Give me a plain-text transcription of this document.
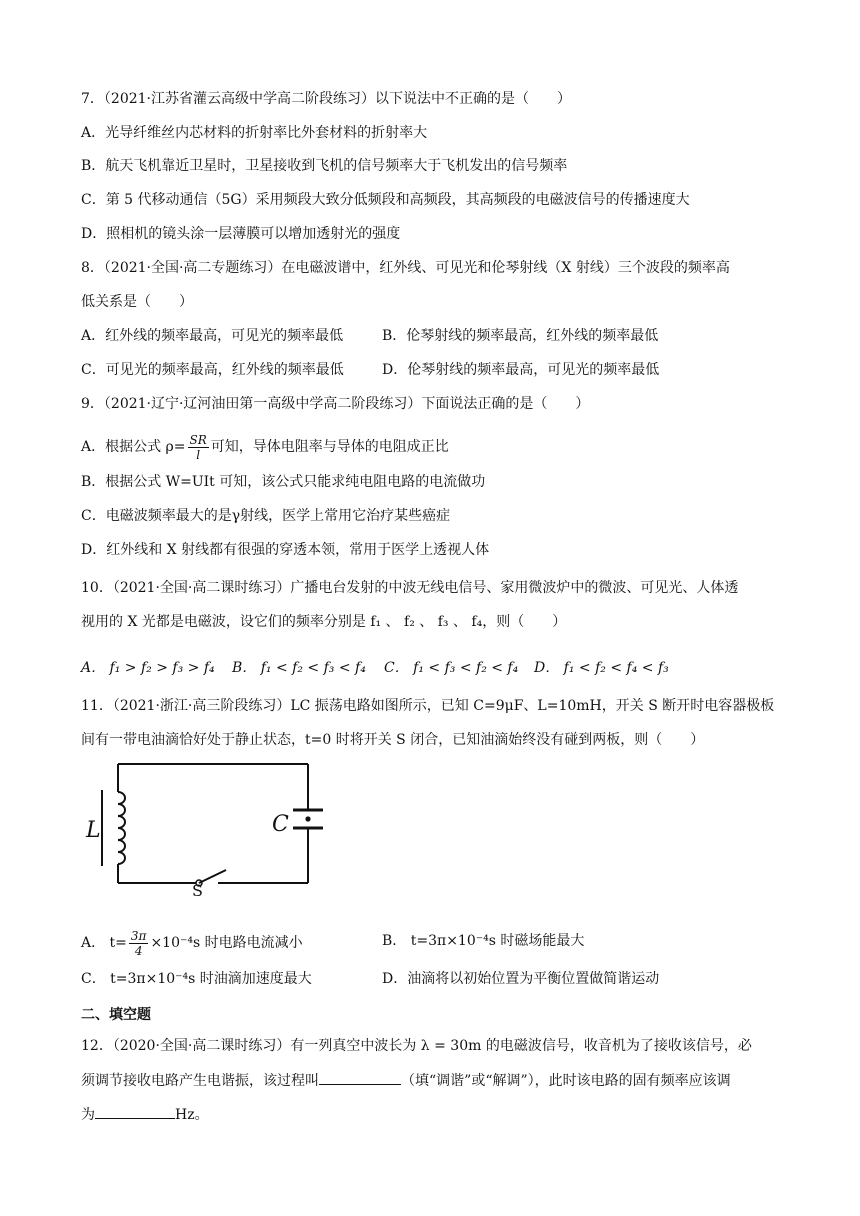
7．（2021·江苏省灌云高级中学高二阶段练习）以下说法中不正确的是（　　）
A．光导纤维丝内芯材料的折射率比外套材料的折射率大
B．航天飞机靠近卫星时，卫星接收到飞机的信号频率大于飞机发出的信号频率
C．第 5 代移动通信（5G）采用频段大致分低频段和高频段，其高频段的电磁波信号的传播速度大
D．照相机的镜头涂一层薄膜可以增加透射光的强度
8．（2021·全国·高二专题练习）在电磁波谱中，红外线、可见光和伦琴射线（X 射线）三个波段的频率高
低关系是（　　）
A．红外线的频率最高，可见光的频率最低	B．伦琴射线的频率最高，红外线的频率最低
C．可见光的频率最高，红外线的频率最低	D．伦琴射线的频率最高，可见光的频率最低
9．（2021·辽宁·辽河油田第一高级中学高二阶段练习）下面说法正确的是（　　）
A．根据公式 $\rho= \frac{SR}{l}$ 可知，导体电阻率与导体的电阻成正比
B．根据公式 W=UIt 可知，该公式只能求纯电阻电路的电流做功
C．电磁波频率最大的是γ射线，医学上常用它治疗某些癌症
D．红外线和 X 射线都有很强的穿透本领，常用于医学上透视人体
10．（2021·全国·高二课时练习）广播电台发射的中波无线电信号、家用微波炉中的微波、可见光、人体透
视用的 X 光都是电磁波，设它们的频率分别是 f₁ 、 f₂ 、 f₃ 、 f₄，则（　　）
A． f₁ > f₂ > f₃ > f₄ B． f₁ < f₂ < f₃ < f₄ C． f₁ < f₃ < f₂ < f₄ D． f₁ < f₂ < f₄ < f₃
11．（2021·浙江·高三阶段练习）LC 振荡电路如图所示，已知 C=9μF、L=10mH，开关 S 断开时电容器极板
间有一带电油滴恰好处于静止状态，t=0 时将开关 S 闭合，已知油滴始终没有碰到两板，则（　　）
L	C
S
A． $t= \frac{3\pi}{4} \times 10^{-4}s$ 时电路电流减小	B． t=3π×10⁻⁴s 时磁场能最大
C． t=3π×10⁻⁴s 时油滴加速度最大	D．油滴将以初始位置为平衡位置做简谐运动
二、填空题
12．（2020·全国·高二课时练习）有一列真空中波长为 λ = 30m 的电磁波信号，收音机为了接收该信号，必
须调节接收电路产生电谐振，该过程叫	（填“调谐”或“解调”），此时该电路的固有频率应该调
为	Hz。
